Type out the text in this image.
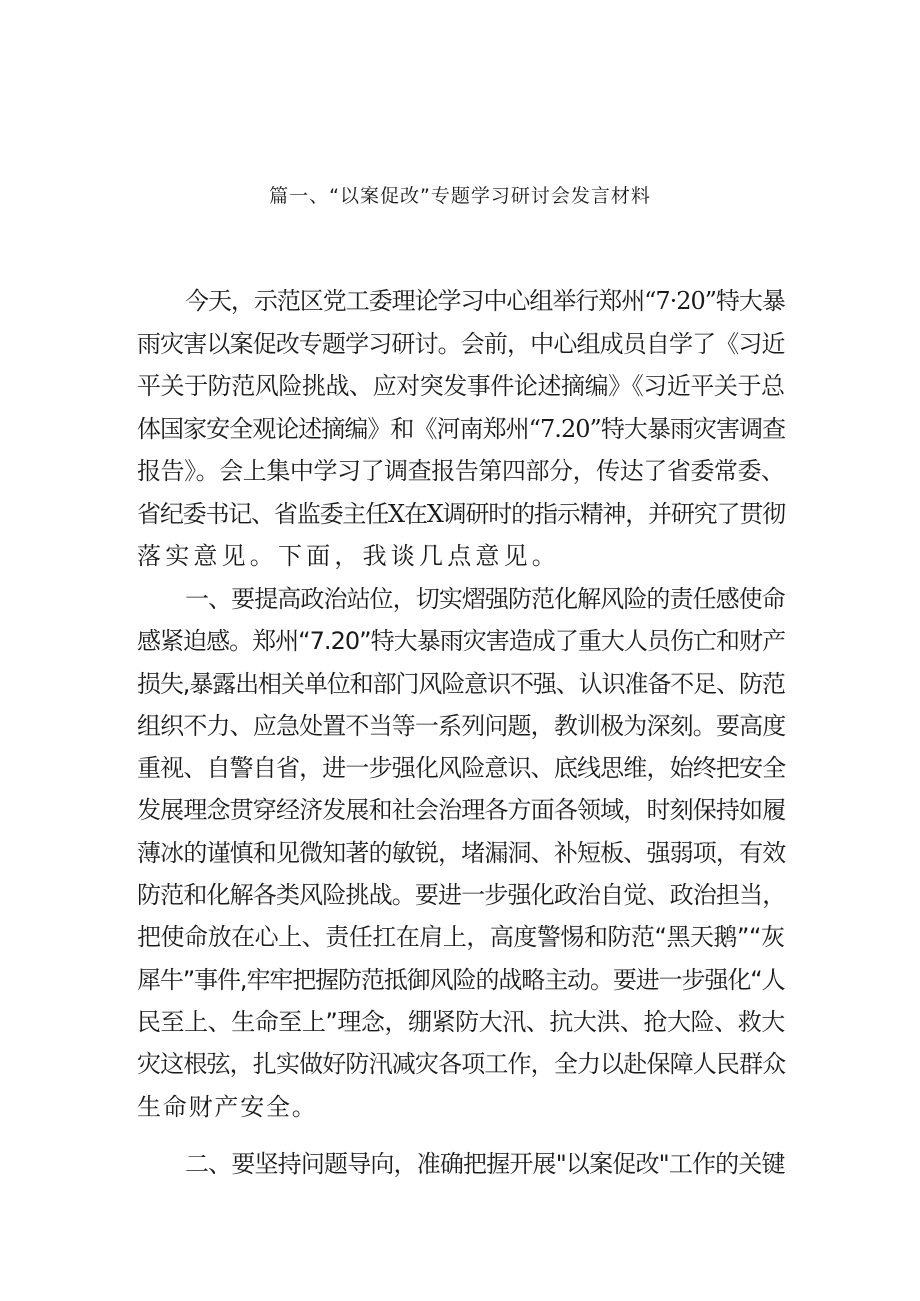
篇一、“以案促改”专题学习研讨会发言材料
今天，示范区党工委理论学习中心组举行郑州“7·20”特大暴
雨灾害以案促改专题学习研讨。会前，中心组成员自学了《习近
平关于防范风险挑战、应对突发事件论述摘编》《习近平关于总
体国家安全观论述摘编》和《河南郑州“7.20”特大暴雨灾害调查
报告》。会上集中学习了调查报告第四部分，传达了省委常委、
省纪委书记、省监委主任X在X调研时的指示精神，并研究了贯彻
落实意见。下面，我谈几点意见。
一、要提高政治站位，切实熠强防范化解风险的责任感使命
感紧迫感。郑州“7.20”特大暴雨灾害造成了重大人员伤亡和财产
损失,暴露出相关单位和部门风险意识不强、认识准备不足、防范
组织不力、应急处置不当等一系列问题，教训极为深刻。要高度
重视、自警自省，进一步强化风险意识、底线思维，始终把安全
发展理念贯穿经济发展和社会治理各方面各领域，时刻保持如履
薄冰的谨慎和见微知著的敏锐，堵漏洞、补短板、强弱项，有效
防范和化解各类风险挑战。要进一步强化政治自觉、政治担当，
把使命放在心上、责任扛在肩上，高度警惕和防范“黑天鹅”“灰
犀牛”事件,牢牢把握防范抵御风险的战略主动。要进一步强化“人
民至上、生命至上”理念，绷紧防大汛、抗大洪、抢大险、救大
灾这根弦，扎实做好防汛减灾各项工作，全力以赴保障人民群众
生命财产安全。
二、要坚持问题导向，准确把握开展"以案促改"工作的关键
